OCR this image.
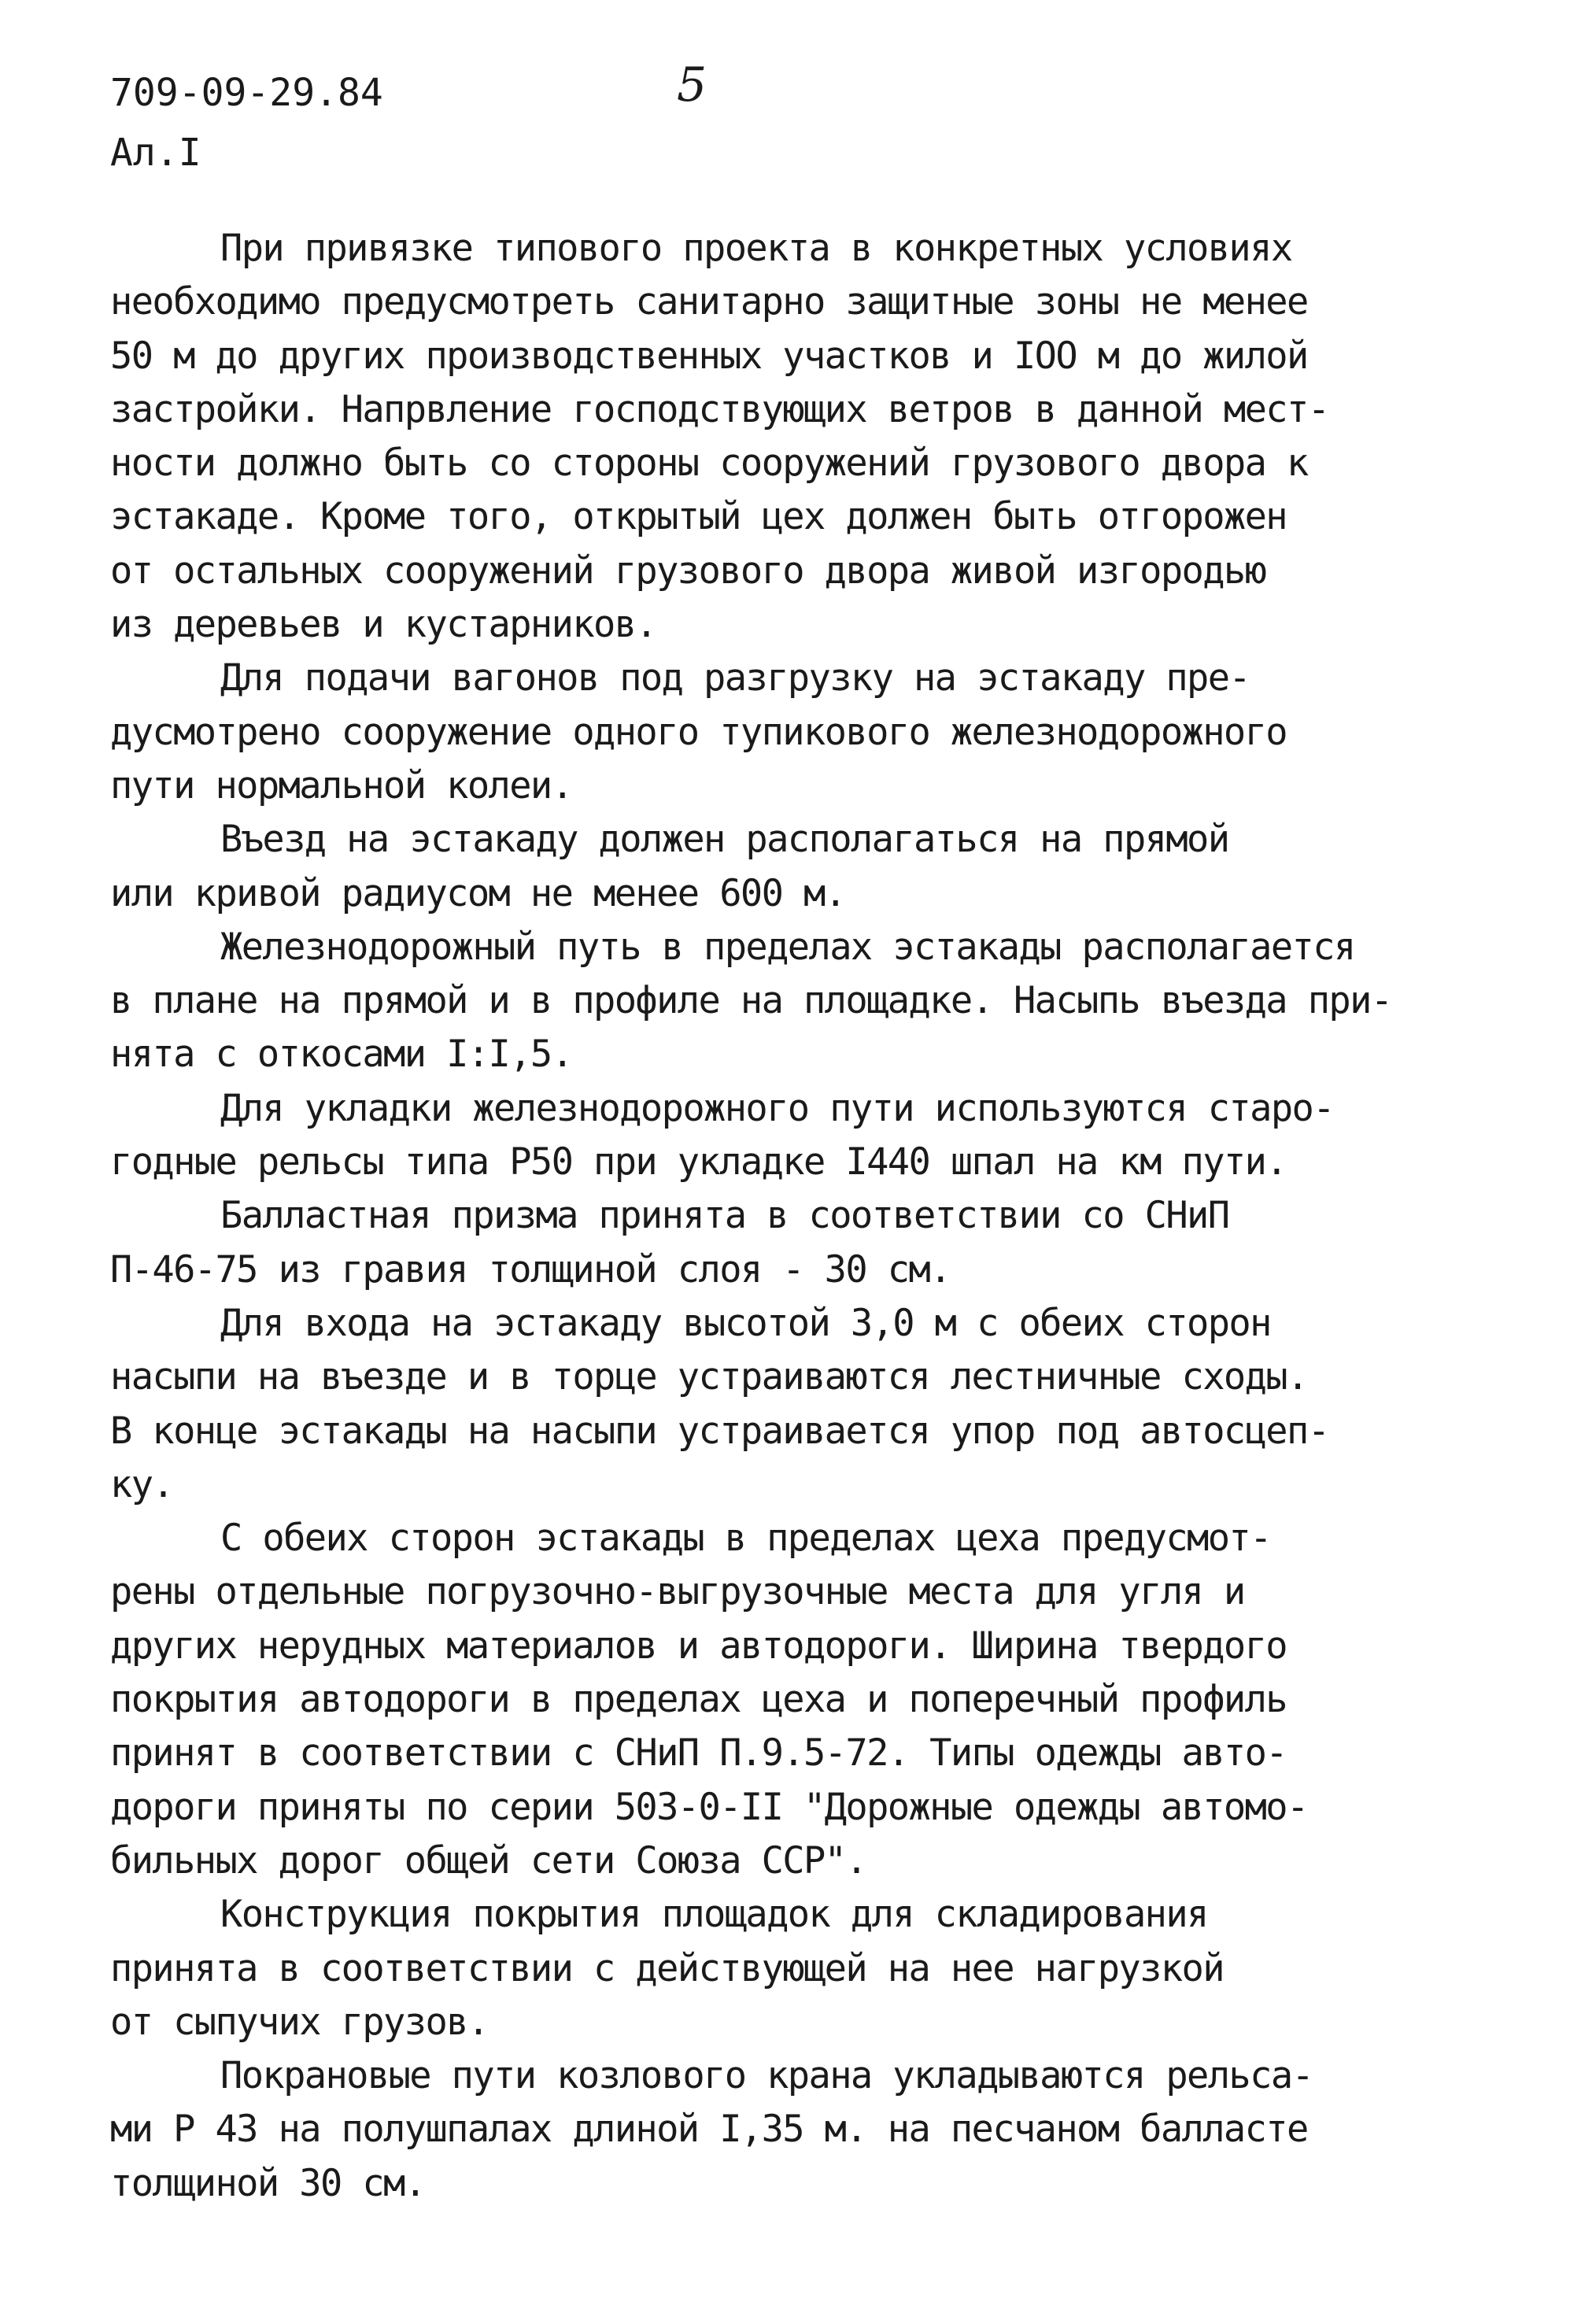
709-09-29.84
Ал.I
5
При привязке типового проекта в конкретных условиях
необходимо предусмотреть санитарно защитные зоны не менее
50 м до других производственных участков и IOO м до жилой
застройки. Напрвление господствующих ветров в данной мест-
ности должно быть со стороны сооружений грузового двора к
эстакаде. Кроме того, открытый цех должен быть отгорожен
от остальных сооружений грузового двора живой изгородью
из деревьев и кустарников.
Для подачи вагонов под разгрузку на эстакаду пре-
дусмотрено сооружение одного тупикового железнодорожного
пути нормальной колеи.
Въезд на эстакаду должен располагаться на прямой
или кривой радиусом не менее 600 м.
Железнодорожный путь в пределах эстакады располагается
в плане на прямой и в профиле на площадке. Насыпь въезда при-
нята с откосами I:I,5.
Для укладки железнодорожного пути используются старо-
годные рельсы типа Р50 при укладке I440 шпал на км пути.
Балластная призма принята в соответствии со СНиП
П-46-75 из гравия толщиной слоя - 30 см.
Для входа на эстакаду высотой 3,0 м с обеих сторон
насыпи на въезде и в торце устраиваются лестничные сходы.
В конце эстакады на насыпи устраивается упор под автосцеп-
ку.
С обеих сторон эстакады в пределах цеха предусмот-
рены отдельные погрузочно-выгрузочные места для угля и
других нерудных материалов и автодороги. Ширина твердого
покрытия автодороги в пределах цеха и поперечный профиль
принят в соответствии с СНиП П.9.5-72. Типы одежды авто-
дороги приняты по серии 503-0-II "Дорожные одежды автомо-
бильных дорог общей сети Союза ССР".
Конструкция покрытия площадок для складирования
принята в соответствии с действующей на нее нагрузкой
от сыпучих грузов.
Покрановые пути козлового крана укладываются рельса-
ми Р 43 на полушпалах длиной I,35 м. на песчаном балласте
толщиной 30 см.
